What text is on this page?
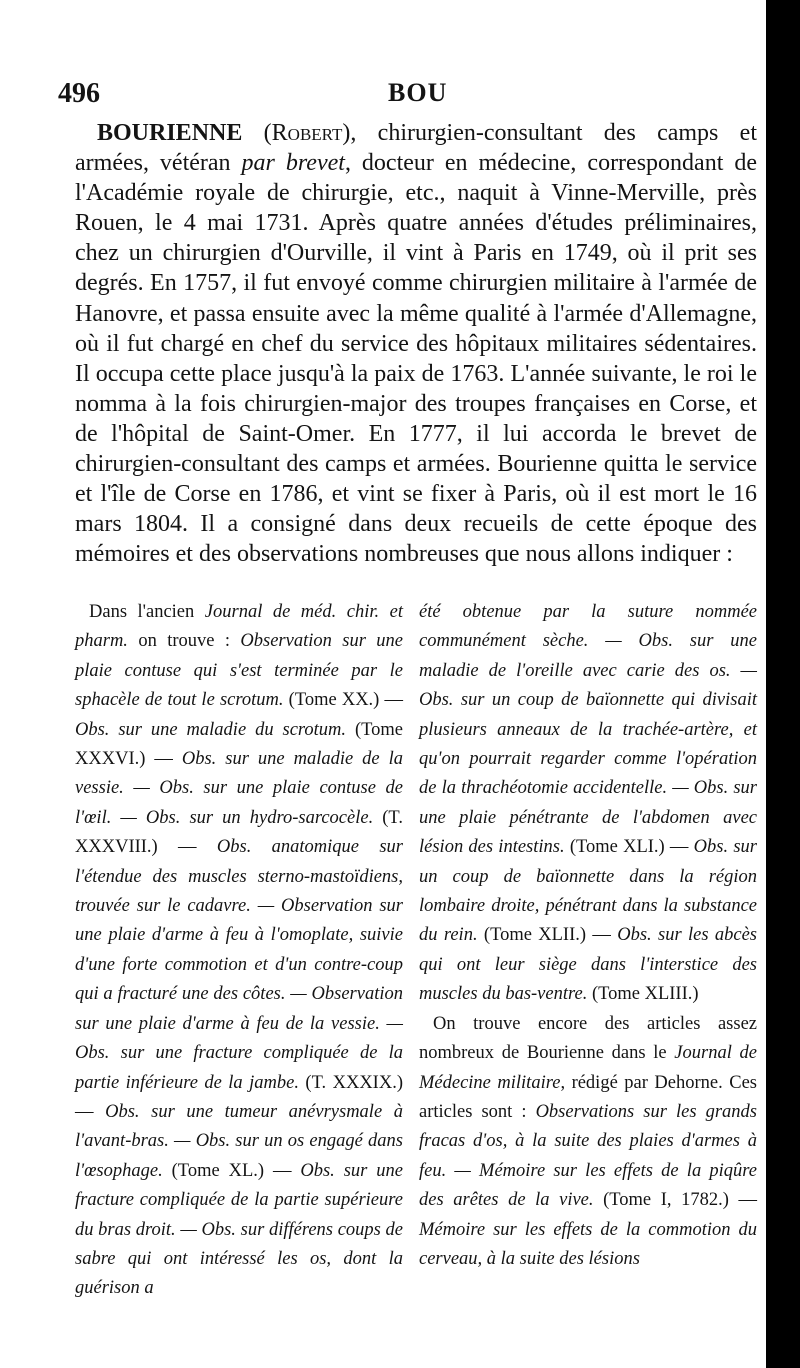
496	BOU

BOURIENNE (Robert), chirurgien-consultant des camps et armées, vétéran par brevet, docteur en médecine, correspondant de l'Académie royale de chirurgie, etc., naquit à Vinne-Merville, près Rouen, le 4 mai 1731. Après quatre années d'études préliminaires, chez un chirurgien d'Ourville, il vint à Paris en 1749, où il prit ses degrés. En 1757, il fut envoyé comme chirurgien militaire à l'armée de Hanovre, et passa ensuite avec la même qualité à l'armée d'Allemagne, où il fut chargé en chef du service des hôpitaux militaires sédentaires. Il occupa cette place jusqu'à la paix de 1763. L'année suivante, le roi le nomma à la fois chirurgien-major des troupes françaises en Corse, et de l'hôpital de Saint-Omer. En 1777, il lui accorda le brevet de chirurgien-consultant des camps et armées. Bourienne quitta le service et l'île de Corse en 1786, et vint se fixer à Paris, où il est mort le 16 mars 1804. Il a consigné dans deux recueils de cette époque des mémoires et des observations nombreuses que nous allons indiquer :

Dans l'ancien Journal de méd. chir. et pharm. on trouve : Observation sur une plaie contuse qui s'est terminée par le sphacèle de tout le scrotum. (Tome XX.) — Obs. sur une maladie du scrotum. (Tome XXXVI.) — Obs. sur une maladie de la vessie. — Obs. sur une plaie contuse de l'œil. — Obs. sur un hydro-sarcocèle. (T. XXXVIII.) — Obs. anatomique sur l'étendue des muscles sterno-mastoïdiens, trouvée sur le cadavre. — Observation sur une plaie d'arme à feu à l'omoplate, suivie d'une forte commotion et d'un contre-coup qui a fracturé une des côtes. — Observation sur une plaie d'arme à feu de la vessie. — Obs. sur une fracture compliquée de la partie inférieure de la jambe. (T. XXXIX.) — Obs. sur une tumeur anévrysmale à l'avant-bras. — Obs. sur un os engagé dans l'œsophage. (Tome XL.) — Obs. sur une fracture compliquée de la partie supérieure du bras droit. — Obs. sur différens coups de sabre qui ont intéressé les os, dont la guérison a

été obtenue par la suture nommée communément sèche. — Obs. sur une maladie de l'oreille avec carie des os. — Obs. sur un coup de baïonnette qui divisait plusieurs anneaux de la trachée-artère, et qu'on pourrait regarder comme l'opération de la thrachéotomie accidentelle. — Obs. sur une plaie pénétrante de l'abdomen avec lésion des intestins. (Tome XLI.) — Obs. sur un coup de baïonnette dans la région lombaire droite, pénétrant dans la substance du rein. (Tome XLII.) — Obs. sur les abcès qui ont leur siège dans l'interstice des muscles du bas-ventre. (Tome XLIII.)

On trouve encore des articles assez nombreux de Bourienne dans le Journal de Médecine militaire, rédigé par Dehorne. Ces articles sont : Observations sur les grands fracas d'os, à la suite des plaies d'armes à feu. — Mémoire sur les effets de la piqûre des arêtes de la vive. (Tome I, 1782.) — Mémoire sur les effets de la commotion du cerveau, à la suite des lésions
